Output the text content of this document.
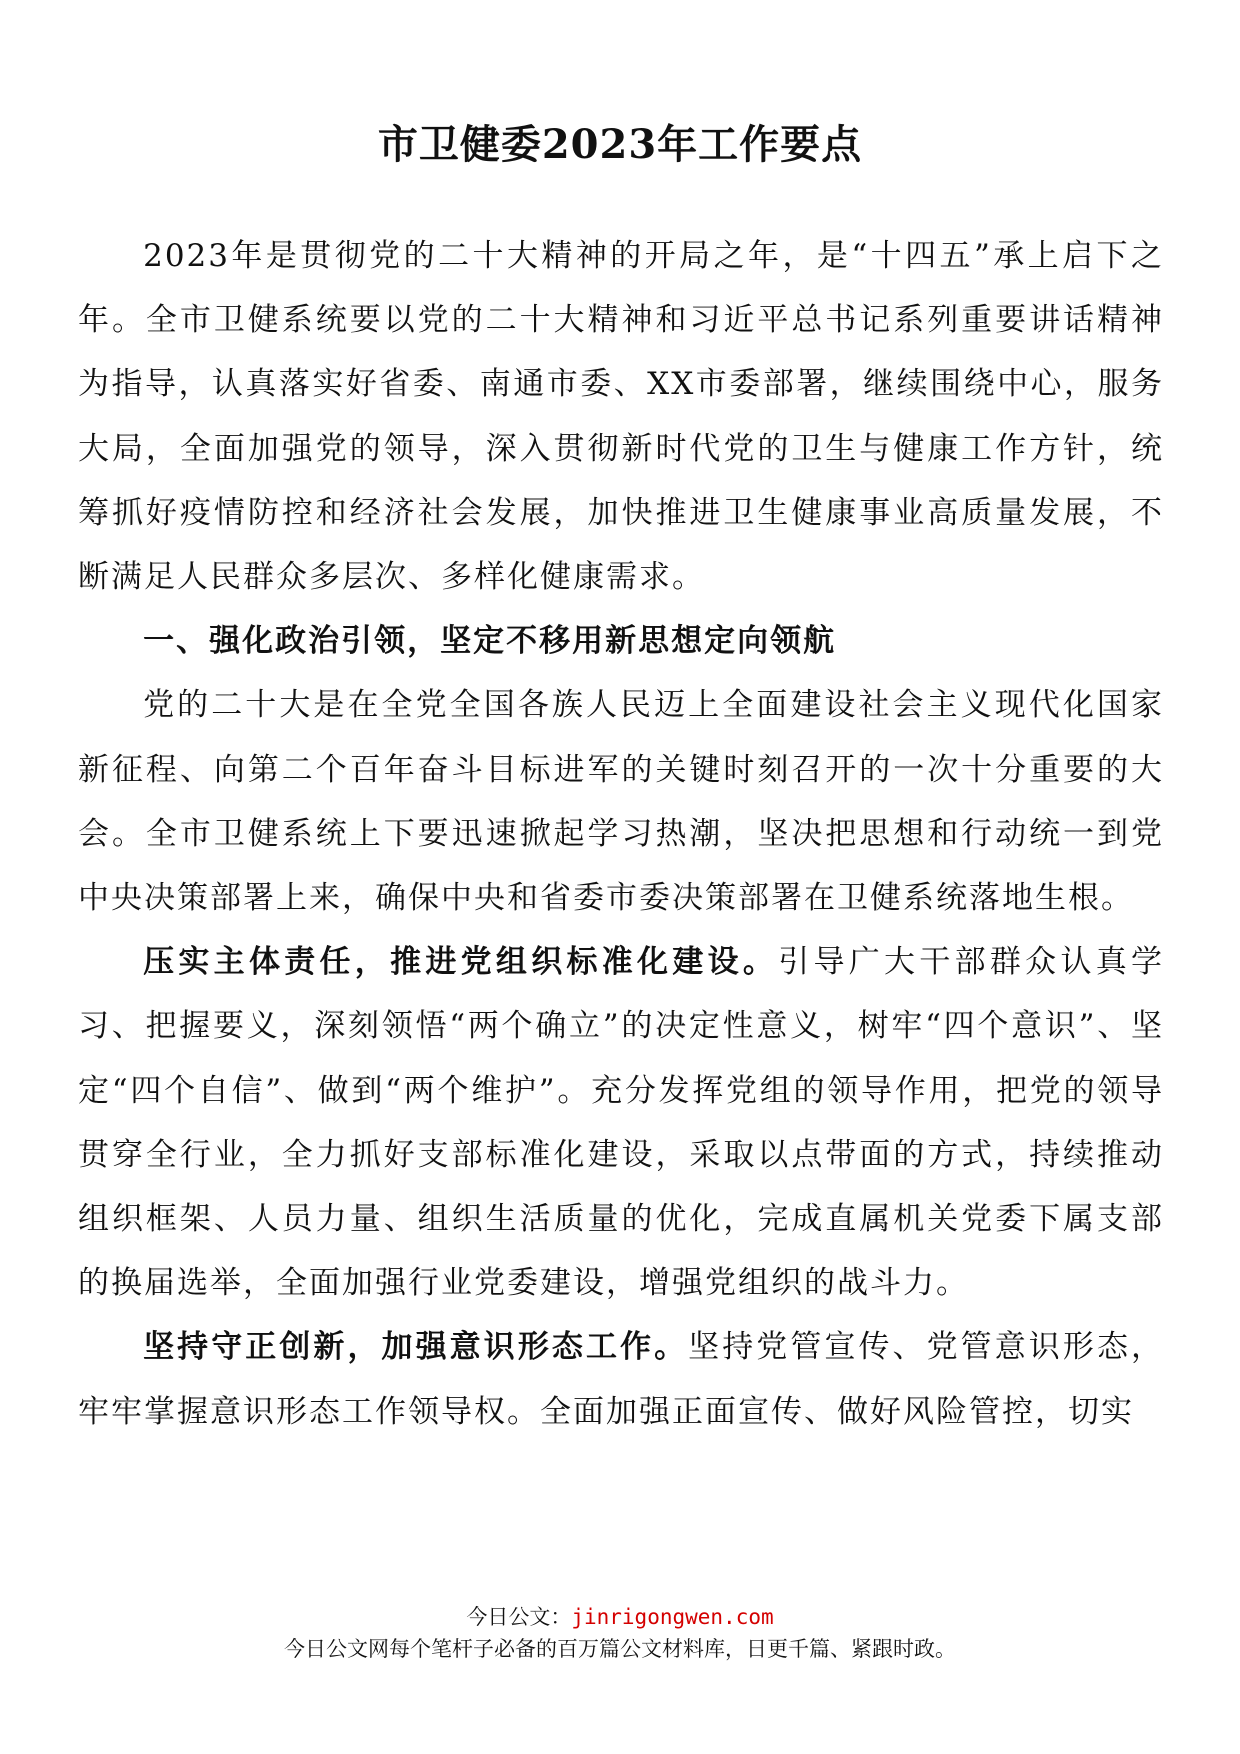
市卫健委2023年工作要点

2023年是贯彻党的二十大精神的开局之年，是“十四五”承上启下之年。全市卫健系统要以党的二十大精神和习近平总书记系列重要讲话精神为指导，认真落实好省委、南通市委、XX市委部署，继续围绕中心，服务大局，全面加强党的领导，深入贯彻新时代党的卫生与健康工作方针，统筹抓好疫情防控和经济社会发展，加快推进卫生健康事业高质量发展，不断满足人民群众多层次、多样化健康需求。

一、强化政治引领，坚定不移用新思想定向领航

党的二十大是在全党全国各族人民迈上全面建设社会主义现代化国家新征程、向第二个百年奋斗目标进军的关键时刻召开的一次十分重要的大会。全市卫健系统上下要迅速掀起学习热潮，坚决把思想和行动统一到党中央决策部署上来，确保中央和省委市委决策部署在卫健系统落地生根。

压实主体责任，推进党组织标准化建设。引导广大干部群众认真学习、把握要义，深刻领悟“两个确立”的决定性意义，树牢“四个意识”、坚定“四个自信”、做到“两个维护”。充分发挥党组的领导作用，把党的领导贯穿全行业，全力抓好支部标准化建设，采取以点带面的方式，持续推动组织框架、人员力量、组织生活质量的优化，完成直属机关党委下属支部的换届选举，全面加强行业党委建设，增强党组织的战斗力。

坚持守正创新，加强意识形态工作。坚持党管宣传、党管意识形态，牢牢掌握意识形态工作领导权。全面加强正面宣传、做好风险管控，切实

今日公文：jinrigongwen.com
今日公文网每个笔杆子必备的百万篇公文材料库，日更千篇、紧跟时政。
